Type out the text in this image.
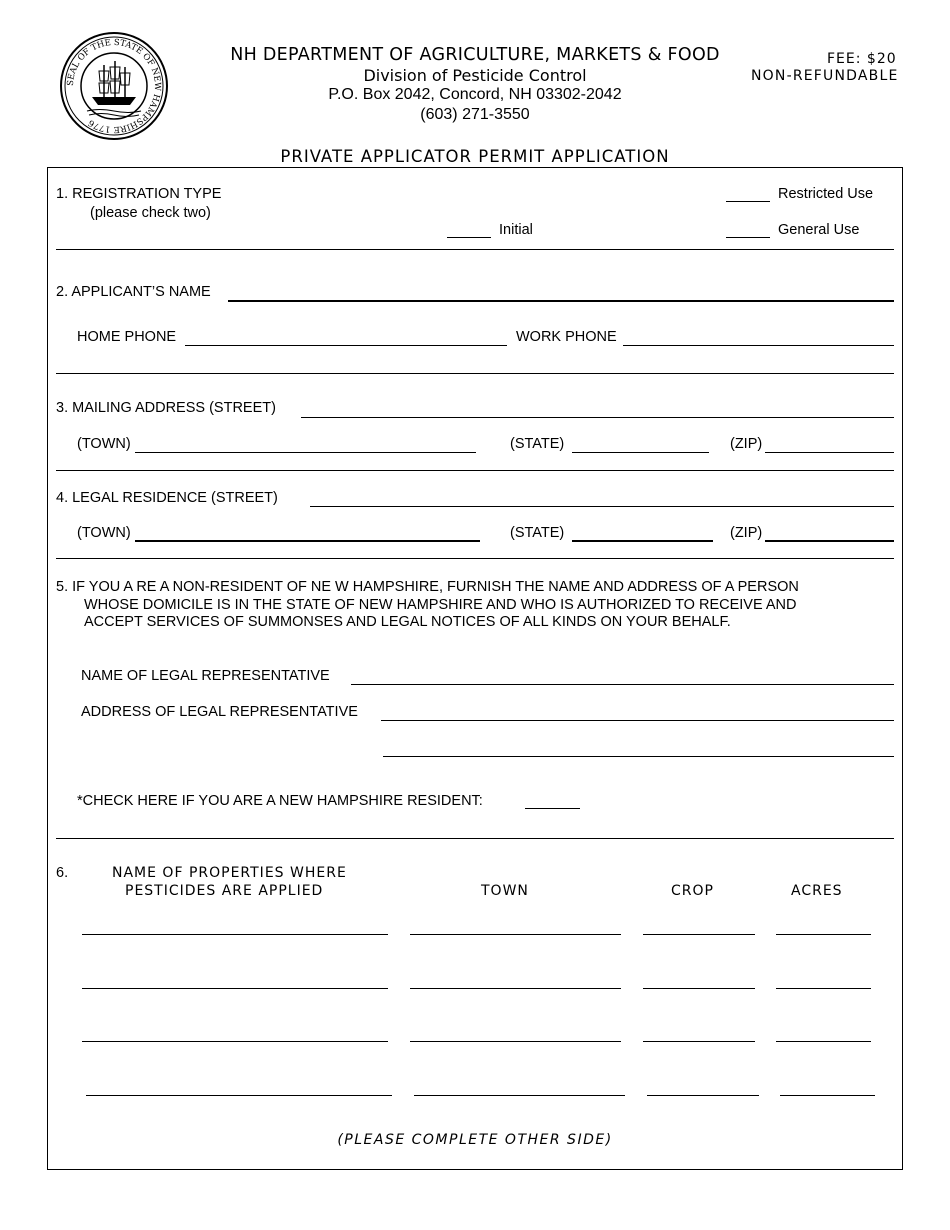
SEAL OF THE STATE OF NEW HAMPSHIRE 1776
NH DEPARTMENT OF AGRICULTURE, MARKETS & FOOD
Division of Pesticide Control
P.O. Box 2042, Concord, NH 03302-2042
(603) 271-3550
FEE: $20
NON-REFUNDABLE
PRIVATE APPLICATOR PERMIT APPLICATION
1. REGISTRATION TYPE
(please check two)
Restricted Use
Initial	General Use
2. APPLICANT’S NAME
HOME PHONE	WORK PHONE
3. MAILING ADDRESS (STREET)
(TOWN)	(STATE)	(ZIP)
4. LEGAL RESIDENCE (STREET)
(TOWN)	(STATE)	(ZIP)
5. IF YOU A RE A NON-RESIDENT OF NE W HAMPSHIRE, FURNISH THE NAME AND ADDRESS OF A PERSON
WHOSE DOMICILE IS IN THE STATE OF NEW HAMPSHIRE AND WHO IS AUTHORIZED TO RECEIVE AND
ACCEPT SERVICES OF SUMMONSES AND LEGAL NOTICES OF ALL KINDS ON YOUR BEHALF.
NAME OF LEGAL REPRESENTATIVE
ADDRESS OF LEGAL REPRESENTATIVE
*CHECK HERE IF YOU ARE A NEW HAMPSHIRE RESIDENT:
6.	NAME OF PROPERTIES WHERE
PESTICIDES ARE APPLIED	TOWN	CROP	ACRES
(PLEASE COMPLETE OTHER SIDE)
